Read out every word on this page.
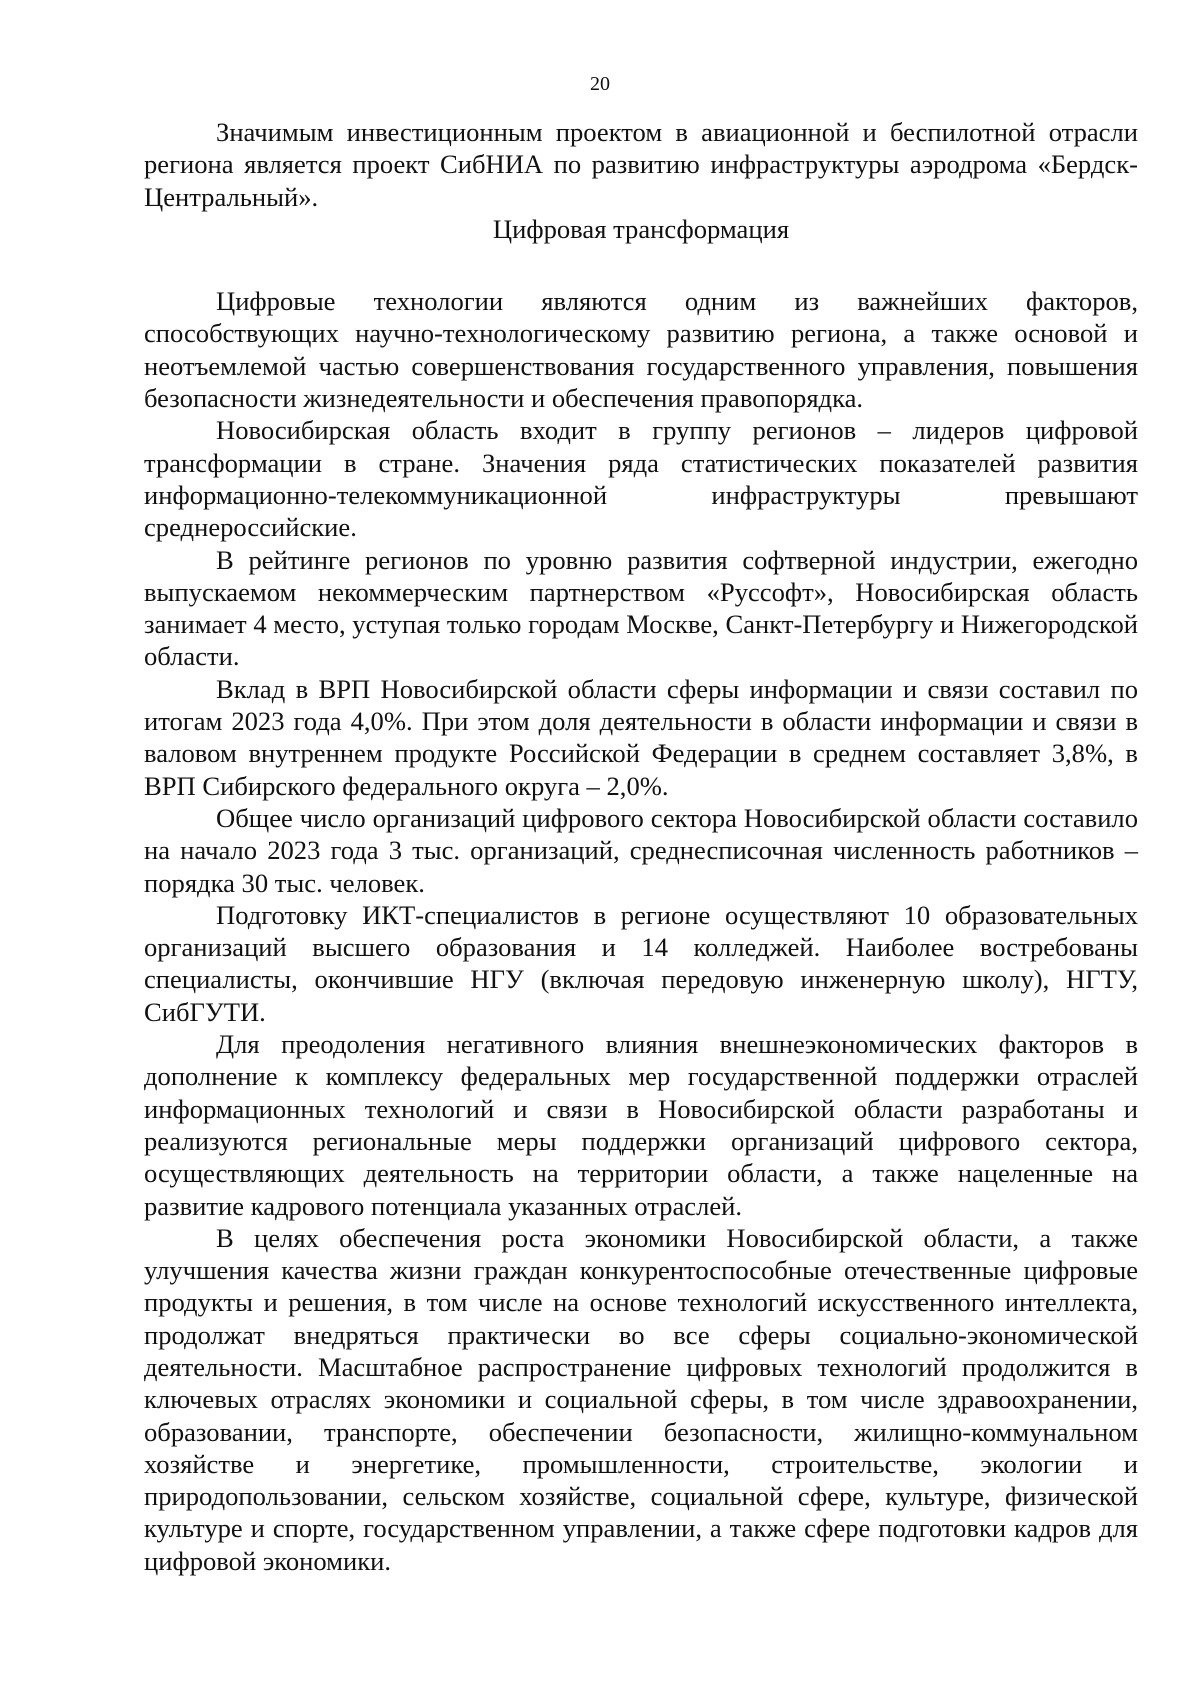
20

Значимым инвестиционным проектом в авиационной и беспилотной отрасли региона является проект СибНИА по развитию инфраструктуры аэродрома «Бердск-Центральный».

Цифровая трансформация

Цифровые технологии являются одним из важнейших факторов, способствующих научно-технологическому развитию региона, а также основой и неотъемлемой частью совершенствования государственного управления, повышения безопасности жизнедеятельности и обеспечения правопорядка.

Новосибирская область входит в группу регионов – лидеров цифровой трансформации в стране. Значения ряда статистических показателей развития информационно-телекоммуникационной инфраструктуры превышают среднероссийские.

В рейтинге регионов по уровню развития софтверной индустрии, ежегодно выпускаемом некоммерческим партнерством «Руссофт», Новосибирская область занимает 4 место, уступая только городам Москве, Санкт-Петербургу и Нижегородской области.

Вклад в ВРП Новосибирской области сферы информации и связи составил по итогам 2023 года 4,0%. При этом доля деятельности в области информации и связи в валовом внутреннем продукте Российской Федерации в среднем составляет 3,8%, в ВРП Сибирского федерального округа – 2,0%.

Общее число организаций цифрового сектора Новосибирской области составило на начало 2023 года 3 тыс. организаций, среднесписочная численность работников – порядка 30 тыс. человек.

Подготовку ИКТ-специалистов в регионе осуществляют 10 образовательных организаций высшего образования и 14 колледжей. Наиболее востребованы специалисты, окончившие НГУ (включая передовую инженерную школу), НГТУ, СибГУТИ.

Для преодоления негативного влияния внешнеэкономических факторов в дополнение к комплексу федеральных мер государственной поддержки отраслей информационных технологий и связи в Новосибирской области разработаны и реализуются региональные меры поддержки организаций цифрового сектора, осуществляющих деятельность на территории области, а также нацеленные на развитие кадрового потенциала указанных отраслей.

В целях обеспечения роста экономики Новосибирской области, а также улучшения качества жизни граждан конкурентоспособные отечественные цифровые продукты и решения, в том числе на основе технологий искусственного интеллекта, продолжат внедряться практически во все сферы социально-экономической деятельности. Масштабное распространение цифровых технологий продолжится в ключевых отраслях экономики и социальной сферы, в том числе здравоохранении, образовании, транспорте, обеспечении безопасности, жилищно-коммунальном хозяйстве и энергетике, промышленности, строительстве, экологии и природопользовании, сельском хозяйстве, социальной сфере, культуре, физической культуре и спорте, государственном управлении, а также сфере подготовки кадров для цифровой экономики.
